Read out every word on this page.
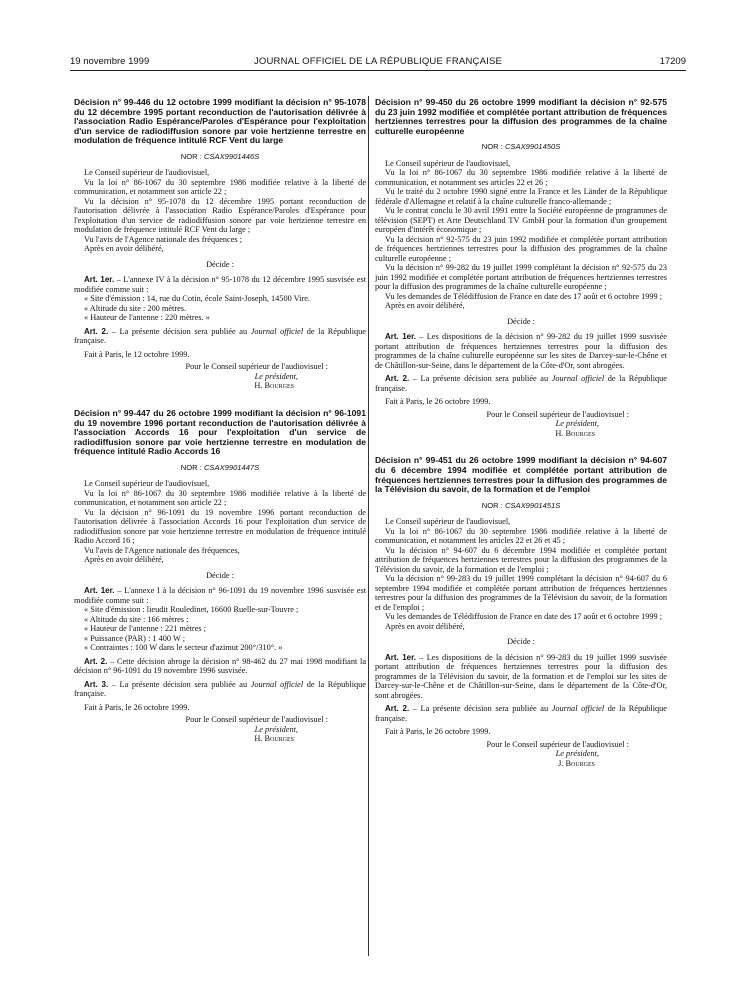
19 novembre 1999	JOURNAL OFFICIEL DE LA RÉPUBLIQUE FRANÇAISE	17209

Décision n° 99-446 du 12 octobre 1999 modifiant la décision n° 95-1078 du 12 décembre 1995 portant reconduction de l'autorisation délivrée à l'association Radio Espérance/Paroles d'Espérance pour l'exploitation d'un service de radiodiffusion sonore par voie hertzienne terrestre en modulation de fréquence intitulé RCF Vent du large

NOR : CSAX9901446S

Le Conseil supérieur de l'audiovisuel,

Vu la loi n° 86-1067 du 30 septembre 1986 modifiée relative à la liberté de communication, et notamment son article 22 ;

Vu la décision n° 95-1078 du 12 décembre 1995 portant reconduction de l'autorisation délivrée à l'association Radio Espérance/Paroles d'Espérance pour l'exploitation d'un service de radiodiffusion sonore par voie hertzienne terrestre en modulation de fréquence intitulé RCF Vent du large ;

Vu l'avis de l'Agence nationale des fréquences ;

Après en avoir délibéré,

Décide :

Art. 1er. – L'annexe IV à la décision n° 95-1078 du 12 décembre 1995 susvisée est modifiée comme suit :

« Site d'émission : 14, rue du Cotin, école Saint-Joseph, 14500 Vire.

« Altitude du site : 200 mètres.

« Hauteur de l'antenne : 220 mètres. »

Art. 2. – La présente décision sera publiée au Journal officiel de la République française.

Fait à Paris, le 12 octobre 1999.

Pour le Conseil supérieur de l'audiovisuel :

Le président,

H. Bourges

Décision n° 99-447 du 26 octobre 1999 modifiant la décision n° 96-1091 du 19 novembre 1996 portant reconduction de l'autorisation délivrée à l'association Accords 16 pour l'exploitation d'un service de radiodiffusion sonore par voie hertzienne terrestre en modulation de fréquence intitulé Radio Accords 16

NOR : CSAX9901447S

Le Conseil supérieur de l'audiovisuel,

Vu la loi n° 86-1067 du 30 septembre 1986 modifiée relative à la liberté de communication, et notamment son article 22 ;

Vu la décision n° 96-1091 du 19 novembre 1996 portant reconduction de l'autorisation délivrée à l'association Accords 16 pour l'exploitation d'un service de radiodiffusion sonore par voie hertzienne terrestre en modulation de fréquence intitulé Radio Accord 16 ;

Vu l'avis de l'Agence nationale des fréquences,

Après en avoir délibéré,

Décide :

Art. 1er. – L'annexe I à la décision n° 96-1091 du 19 novembre 1996 susvisée est modifiée comme suit :

« Site d'émission : lieudit Rouledinet, 16600 Ruelle-sur-Touvre ;

« Altitude du site : 166 mètres ;

« Hauteur de l'antenne : 221 mètres ;

« Puissance (PAR) : 1 400 W ;

« Contraintes : 100 W dans le secteur d'azimut 200°/310°. »

Art. 2. – Cette décision abroge la décision n° 98-462 du 27 mai 1998 modifiant la décision n° 96-1091 du 19 novembre 1996 susvisée.

Art. 3. – La présente décision sera publiée au Journal officiel de la République française.

Fait à Paris, le 26 octobre 1999.

Pour le Conseil supérieur de l'audiovisuel :

Le président,

H. Bourges

Décision n° 99-450 du 26 octobre 1999 modifiant la décision n° 92-575 du 23 juin 1992 modifiée et complétée portant attribution de fréquences hertziennes terrestres pour la diffusion des programmes de la chaîne culturelle européenne

NOR : CSAX9901450S

Le Conseil supérieur de l'audiovisuel,

Vu la loi n° 86-1067 du 30 septembre 1986 modifiée relative à la liberté de communication, et notamment ses articles 22 et 26 ;

Vu le traité du 2 octobre 1990 signé entre la France et les Länder de la République fédérale d'Allemagne et relatif à la chaîne culturelle franco-allemande ;

Vu le contrat conclu le 30 avril 1991 entre la Société européenne de programmes de télévision (SEPT) et Arte Deutschland TV GmbH pour la formation d'un groupement européen d'intérêt économique ;

Vu la décision n° 92-575 du 23 juin 1992 modifiée et complétée portant attribution de fréquences hertziennes terrestres pour la diffusion des programmes de la chaîne culturelle européenne ;

Vu la décision n° 99-282 du 19 juillet 1999 complétant la décision n° 92-575 du 23 juin 1992 modifiée et complétée portant attribution de fréquences hertziennes terrestres pour la diffusion des programmes de la chaîne culturelle européenne ;

Vu les demandes de Télédiffusion de France en date des 17 août et 6 octobre 1999 ;

Après en avoir délibéré,

Décide :

Art. 1er. – Les dispositions de la décision n° 99-282 du 19 juillet 1999 susvisée portant attribution de fréquences hertziennes terrestres pour la diffusion des programmes de la chaîne culturelle européenne sur les sites de Darcey-sur-le-Chêne et de Châtillon-sur-Seine, dans le département de la Côte-d'Or, sont abrogées.

Art. 2. – La présente décision sera publiée au Journal officiel de la République française.

Fait à Paris, le 26 octobre 1999.

Pour le Conseil supérieur de l'audiovisuel :

Le président,

H. Bourges

Décision n° 99-451 du 26 octobre 1999 modifiant la décision n° 94-607 du 6 décembre 1994 modifiée et complétée portant attribution de fréquences hertziennes terrestres pour la diffusion des programmes de la Télévision du savoir, de la formation et de l'emploi

NOR : CSAX9901451S

Le Conseil supérieur de l'audiovisuel,

Vu la loi n° 86-1067 du 30 septembre 1986 modifiée relative à la liberté de communication, et notamment les articles 22 et 26 et 45 ;

Vu la décision n° 94-607 du 6 décembre 1994 modifiée et complétée portant attribution de fréquences hertziennes terrestres pour la diffusion des programmes de la Télévision du savoir, de la formation et de l'emploi ;

Vu la décision n° 99-283 du 19 juillet 1999 complétant la décision n° 94-607 du 6 septembre 1994 modifiée et complétée portant attribution de fréquences hertziennes terrestres pour la diffusion des programmes de la Télévision du savoir, de la formation et de l'emploi ;

Vu les demandes de Télédiffusion de France en date des 17 août et 6 octobre 1999 ;

Après en avoir délibéré,

Décide :

Art. 1er. – Les dispositions de la décision n° 99-283 du 19 juillet 1999 susvisée portant attribution de fréquences hertziennes terrestres pour la diffusion des programmes de la Télévision du savoir, de la formation et de l'emploi sur les sites de Darcey-sur-le-Chêne et de Châtillon-sur-Seine, dans le département de la Côte-d'Or, sont abrogées.

Art. 2. – La présente décision sera publiée au Journal officiel de la République française.

Fait à Paris, le 26 octobre 1999.

Pour le Conseil supérieur de l'audiovisuel :

Le président,

J. Bourges
